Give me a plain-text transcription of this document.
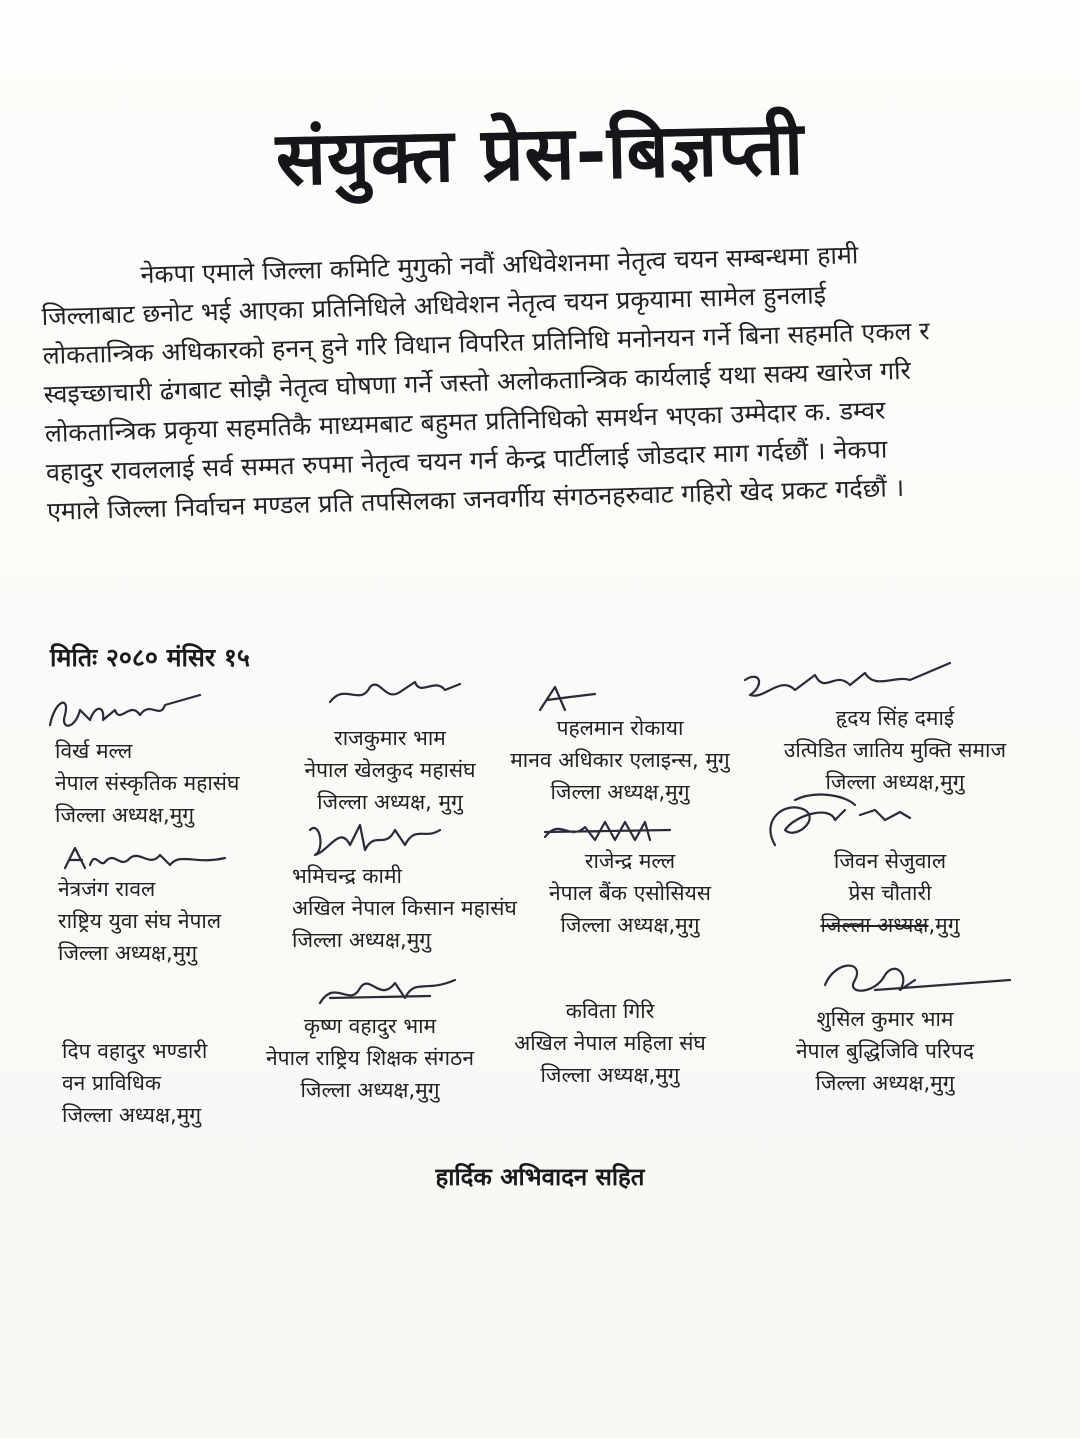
संयुक्त प्रेस-बिज्ञप्ती
नेकपा एमाले जिल्ला कमिटि मुगुको नवौं अधिवेशनमा नेतृत्व चयन सम्बन्धमा हामी
जिल्लाबाट छनोट भई आएका प्रतिनिधिले अधिवेशन नेतृत्व चयन प्रकृयामा सामेल हुनलाई
लोकतान्त्रिक अधिकारको हनन् हुने गरि विधान विपरित प्रतिनिधि मनोनयन गर्ने बिना सहमति एकल र
स्वइच्छाचारी ढंगबाट सोझै नेतृत्व घोषणा गर्ने जस्तो अलोकतान्त्रिक कार्यलाई यथा सक्य खारेज गरि
लोकतान्त्रिक प्रकृया सहमतिकै माध्यमबाट बहुमत प्रतिनिधिको समर्थन भएका उम्मेदार क. डम्वर
वहादुर रावललाई सर्व सम्मत रुपमा नेतृत्व चयन गर्न केन्द्र पार्टीलाई जोडदार माग गर्दछौं । नेकपा
एमाले जिल्ला निर्वाचन मण्डल प्रति तपसिलका जनवर्गीय संगठनहरुवाट गहिरो खेद प्रकट गर्दछौं ।
मितिः २०८० मंसिर १५
विर्ख मल्ल
नेपाल संस्कृतिक महासंघ
जिल्ला अध्यक्ष,मुगु
राजकुमार भाम
नेपाल खेलकुद महासंघ
जिल्ला अध्यक्ष, मुगु
पहलमान रोकाया
मानव अधिकार एलाइन्स, मुगु
जिल्ला अध्यक्ष,मुगु
हृदय सिंह दमाई
उत्पिडित जातिय मुक्ति समाज
जिल्ला अध्यक्ष,मुगु
नेत्रजंग रावल
राष्ट्रिय युवा संघ नेपाल
जिल्ला अध्यक्ष,मुगु
भमिचन्द्र कामी
अखिल नेपाल किसान महासंघ
जिल्ला अध्यक्ष,मुगु
राजेन्द्र मल्ल
नेपाल बैंक एसोसियस
जिल्ला अध्यक्ष,मुगु
जिवन सेजुवाल
प्रेस चौतारी
जिल्ला अध्यक्ष,मुगु
दिप वहादुर भण्डारी
वन प्राविधिक
जिल्ला अध्यक्ष,मुगु
कृष्ण वहादुर भाम
नेपाल राष्ट्रिय शिक्षक संगठन
जिल्ला अध्यक्ष,मुगु
कविता गिरि
अखिल नेपाल महिला संघ
जिल्ला अध्यक्ष,मुगु
शुसिल कुमार भाम
नेपाल बुद्धिजिवि परिपद
जिल्ला अध्यक्ष,मुगु
हार्दिक अभिवादन सहित
